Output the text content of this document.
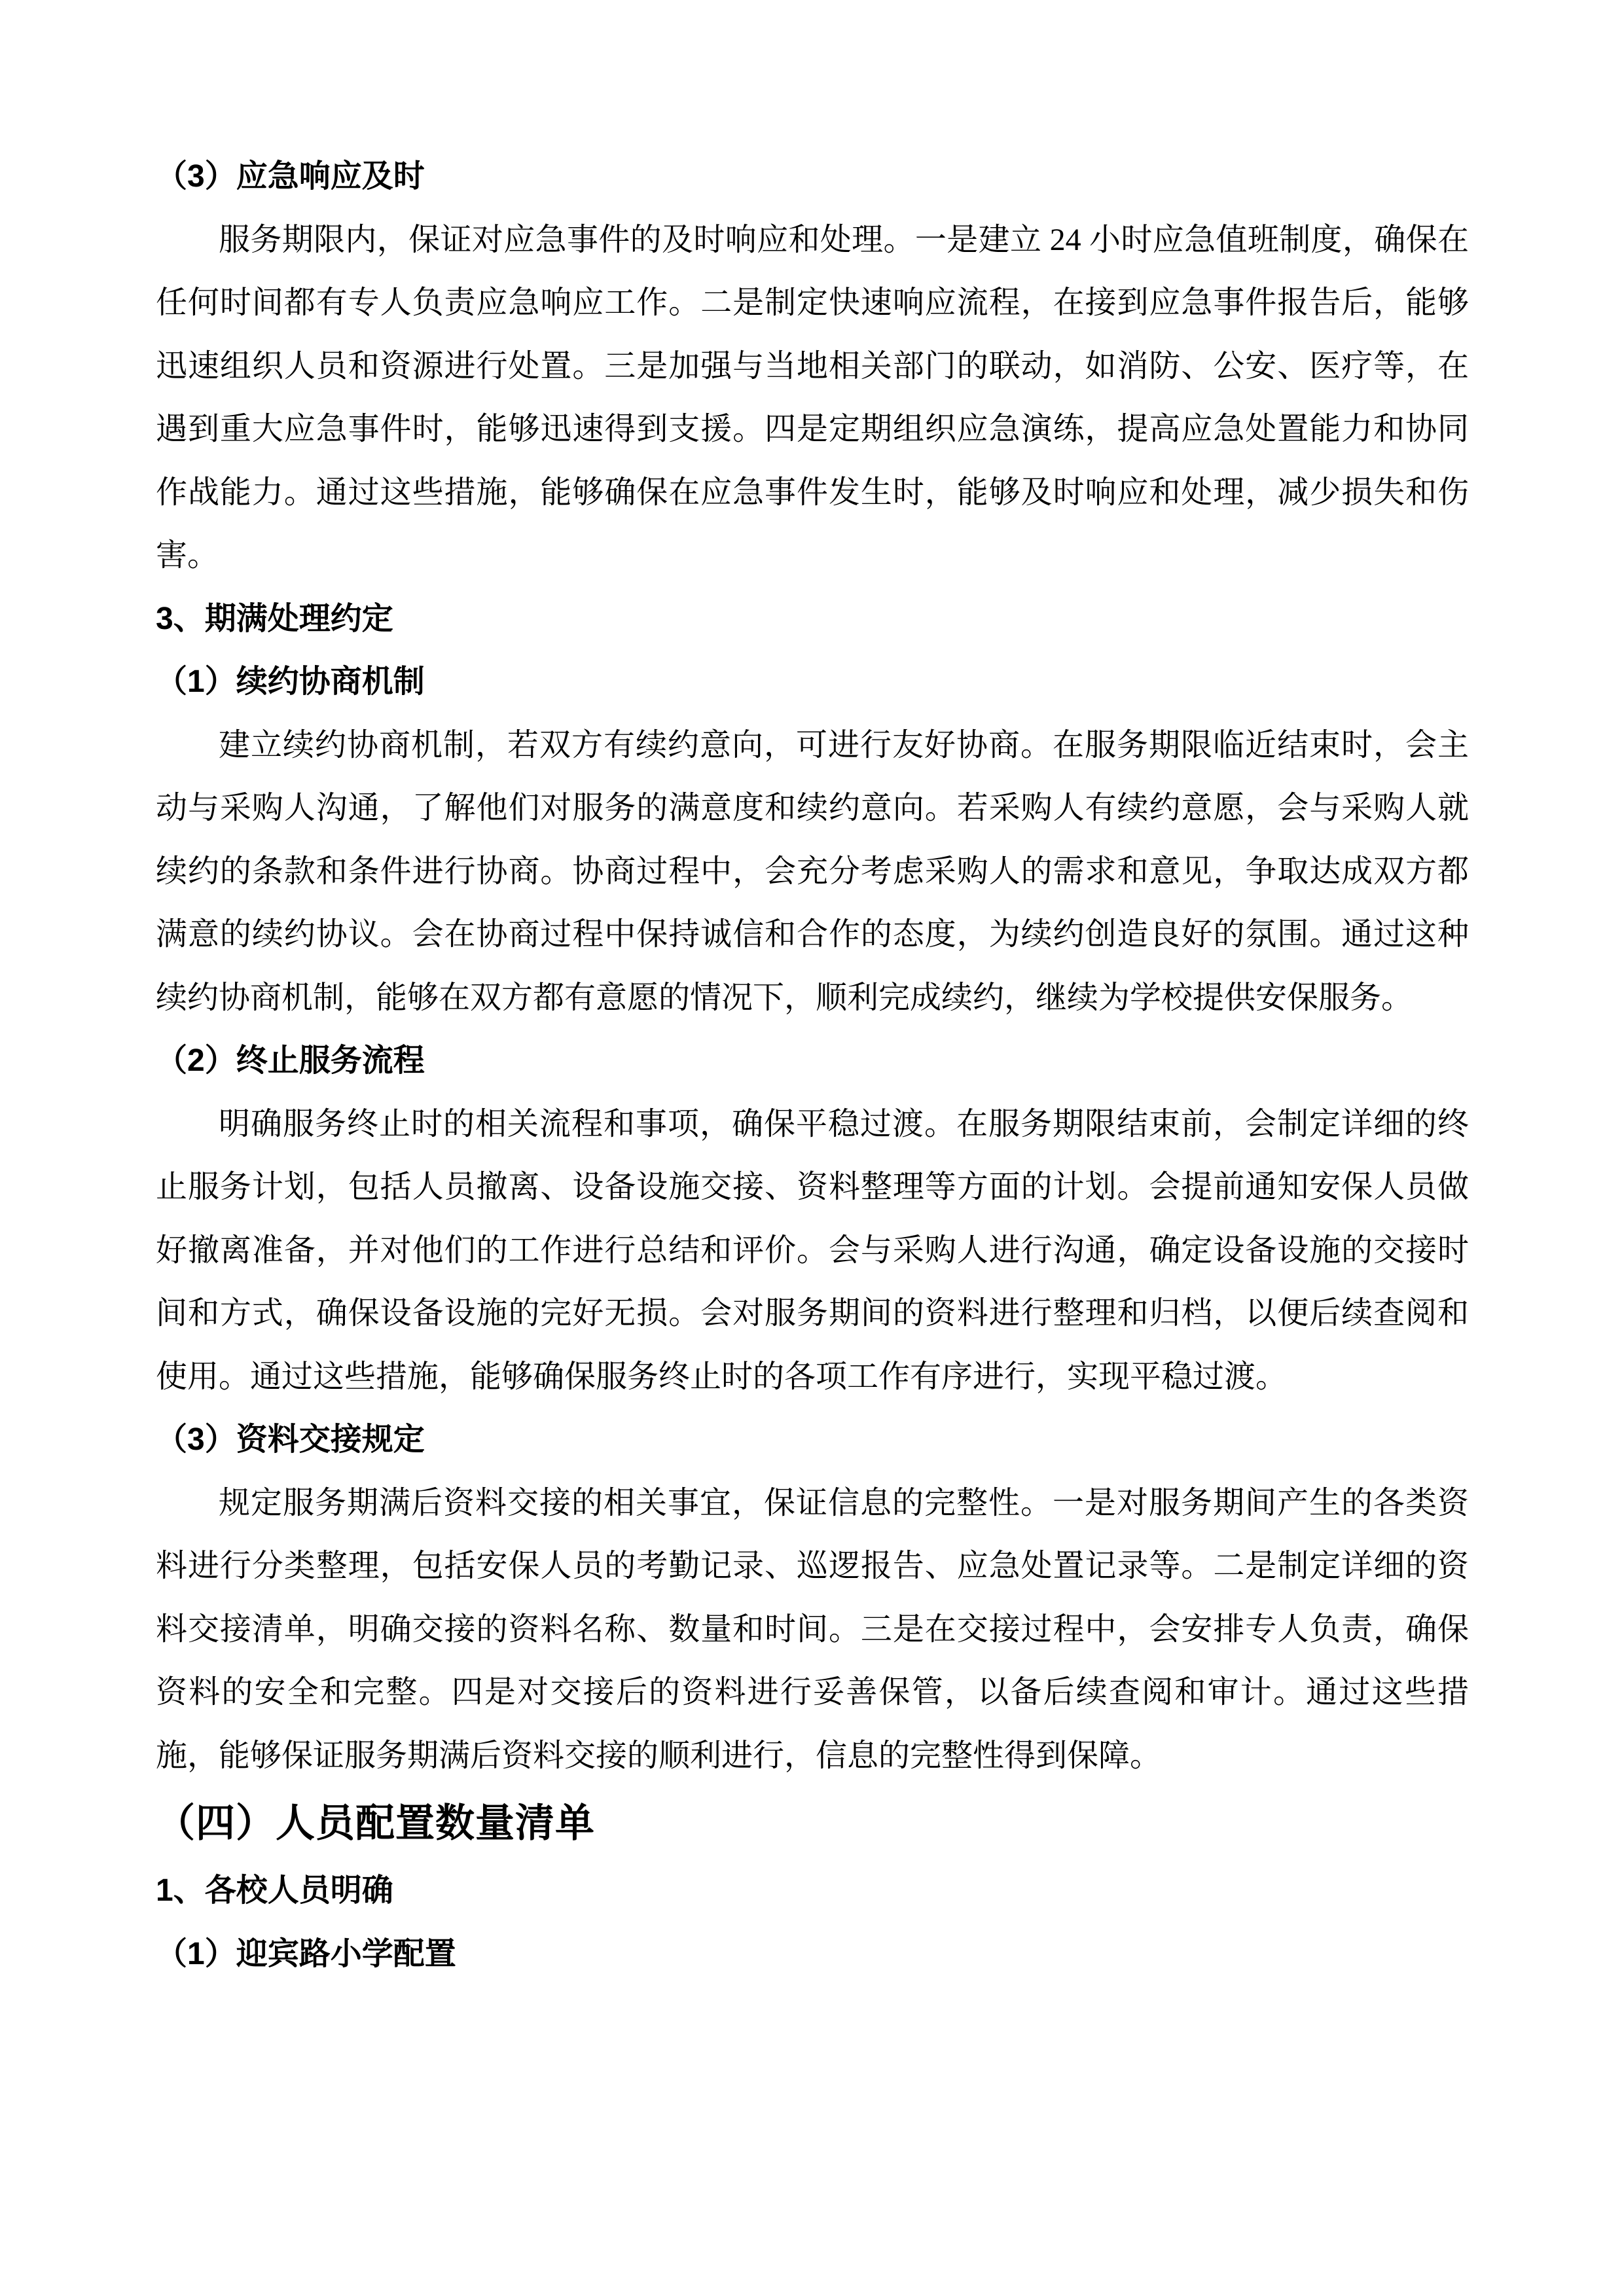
（3）应急响应及时

服务期限内，保证对应急事件的及时响应和处理。一是建立 24 小时应急值班制度，确保在任何时间都有专人负责应急响应工作。二是制定快速响应流程，在接到应急事件报告后，能够迅速组织人员和资源进行处置。三是加强与当地相关部门的联动，如消防、公安、医疗等，在遇到重大应急事件时，能够迅速得到支援。四是定期组织应急演练，提高应急处置能力和协同作战能力。通过这些措施，能够确保在应急事件发生时，能够及时响应和处理，减少损失和伤害。

3、期满处理约定
（1）续约协商机制

建立续约协商机制，若双方有续约意向，可进行友好协商。在服务期限临近结束时，会主动与采购人沟通，了解他们对服务的满意度和续约意向。若采购人有续约意愿，会与采购人就续约的条款和条件进行协商。协商过程中，会充分考虑采购人的需求和意见，争取达成双方都满意的续约协议。会在协商过程中保持诚信和合作的态度，为续约创造良好的氛围。通过这种续约协商机制，能够在双方都有意愿的情况下，顺利完成续约，继续为学校提供安保服务。

（2）终止服务流程

明确服务终止时的相关流程和事项，确保平稳过渡。在服务期限结束前，会制定详细的终止服务计划，包括人员撤离、设备设施交接、资料整理等方面的计划。会提前通知安保人员做好撤离准备，并对他们的工作进行总结和评价。会与采购人进行沟通，确定设备设施的交接时间和方式，确保设备设施的完好无损。会对服务期间的资料进行整理和归档，以便后续查阅和使用。通过这些措施，能够确保服务终止时的各项工作有序进行，实现平稳过渡。

（3）资料交接规定

规定服务期满后资料交接的相关事宜，保证信息的完整性。一是对服务期间产生的各类资料进行分类整理，包括安保人员的考勤记录、巡逻报告、应急处置记录等。二是制定详细的资料交接清单，明确交接的资料名称、数量和时间。三是在交接过程中，会安排专人负责，确保资料的安全和完整。四是对交接后的资料进行妥善保管，以备后续查阅和审计。通过这些措施，能够保证服务期满后资料交接的顺利进行，信息的完整性得到保障。

（四）人员配置数量清单
1、各校人员明确
（1）迎宾路小学配置
